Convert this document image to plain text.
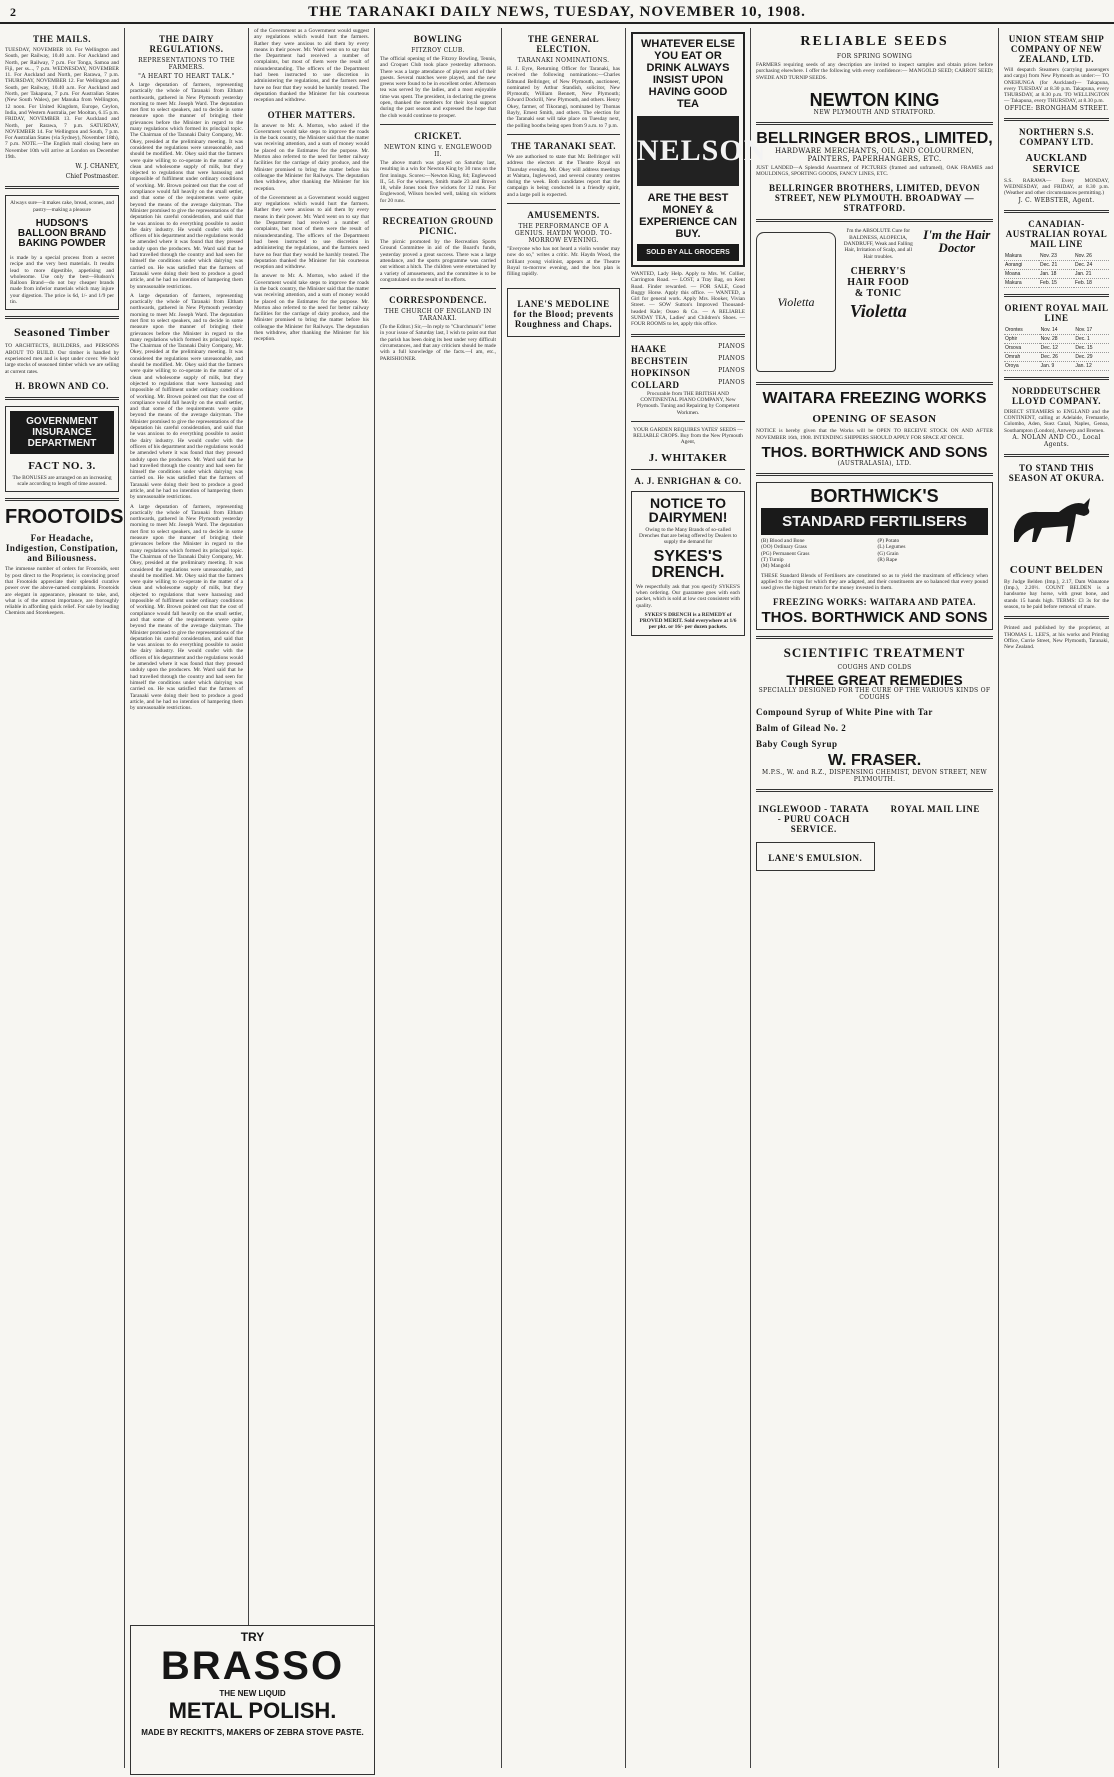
2	THE TARANAKI DAILY NEWS, TUESDAY, NOVEMBER 10, 1908.
THE MAILS.
TUESDAY, NOVEMBER 10. For Wellington and South, per Railway, 10.40 a.m. For Auckland and North, per Railway, 7 p.m. For Tonga, Samoa and Fiji, per ss..., 7 p.m. WEDNESDAY, NOVEMBER 11. For Auckland and North, per Rarawa, 7 p.m. THURSDAY, NOVEMBER 12. For Wellington and South, per Railway, 10.40 a.m. For Auckland and North, per Takapuna, 7 p.m. For Australian States (New South Wales), per Manuka from Wellington, 12 noon. For United Kingdom, Europe, Ceylon, India, and Western Australia, per Mooltan, 6.15 p.m. FRIDAY, NOVEMBER 13. For Auckland and North, per Rarawa, 7 p.m. SATURDAY, NOVEMBER 14. For Wellington and South, 7 p.m. For Australian States (via Sydney), November 18th), 7 p.m. NOTE.—The English mail closing here on November 10th will arrive at London on December 19th.
W. J. CHANEY,
Chief Postmaster.
Always sure—it makes cake, bread, scones, and pastry—making a pleasure
HUDSON'S BALLOON BRAND BAKING POWDER
is made by a special process from a secret recipe and the very best materials. It results lead to more digestible, appetising and wholesome. Use only the best—Hudson's Balloon Brand—do not buy cheaper brands made from inferior materials which may injure your digestion. The price is 6d, 1/- and 1/9 per tin.
Seasoned Timber
TO ARCHITECTS, BUILDERS, and PERSONS ABOUT TO BUILD. Our timber is handled by experienced men and is kept under cover. We hold large stocks of seasoned timber which we are selling at current rates.
H. BROWN AND CO.
GOVERNMENT INSURANCE DEPARTMENT
FACT NO. 3.
The BONUSES are arranged on an increasing scale according to length of time assured.
FROOTOIDS
For Headache, Indigestion, Constipation, and Biliousness.
The immense number of orders for Frootoids, sent by post direct to the Proprietor, is convincing proof that Frootoids appreciate their splendid curative power over the above-named complaints. Frootoids are elegant in appearance, pleasant to take, and, what is of the utmost importance, are thoroughly reliable in affording quick relief. For sale by leading Chemists and Storekeepers.
THE DAIRY REGULATIONS.
REPRESENTATIONS TO THE FARMERS.
"A HEART TO HEART TALK."
A large deputation of farmers, representing practically the whole of Taranaki from Eltham northwards, gathered in New Plymouth yesterday morning to meet Mr. Joseph Ward. The deputation met first to select speakers, and to decide in some measure upon the manner of bringing their grievances before the Minister in regard to the many regulations which formed its principal topic. The Chairman of the Taranaki Dairy Company, Mr. Okey, presided at the preliminary meeting. It was considered the regulations were unreasonable, and should be modified. Mr. Okey said that the farmers were quite willing to co-operate in the matter of a clean and wholesome supply of milk, but they objected to regulations that were harassing and impossible of fulfilment under ordinary conditions of working. Mr. Brown pointed out that the cost of compliance would fall heavily on the small settler, and that some of the requirements were quite beyond the means of the average dairyman. The Minister promised to give the representations of the deputation his careful consideration, and said that he was anxious to do everything possible to assist the dairy industry. He would confer with the officers of his department and the regulations would be amended where it was found that they pressed unduly upon the producers. Mr. Ward said that he had travelled through the country and had seen for himself the conditions under which dairying was carried on. He was satisfied that the farmers of Taranaki were doing their best to produce a good article, and he had no intention of hampering them by unreasonable restrictions.
A large deputation of farmers, representing practically the whole of Taranaki from Eltham northwards, gathered in New Plymouth yesterday morning to meet Mr. Joseph Ward. The deputation met first to select speakers, and to decide in some measure upon the manner of bringing their grievances before the Minister in regard to the many regulations which formed its principal topic. The Chairman of the Taranaki Dairy Company, Mr. Okey, presided at the preliminary meeting. It was considered the regulations were unreasonable, and should be modified. Mr. Okey said that the farmers were quite willing to co-operate in the matter of a clean and wholesome supply of milk, but they objected to regulations that were harassing and impossible of fulfilment under ordinary conditions of working. Mr. Brown pointed out that the cost of compliance would fall heavily on the small settler, and that some of the requirements were quite beyond the means of the average dairyman. The Minister promised to give the representations of the deputation his careful consideration, and said that he was anxious to do everything possible to assist the dairy industry. He would confer with the officers of his department and the regulations would be amended where it was found that they pressed unduly upon the producers. Mr. Ward said that he had travelled through the country and had seen for himself the conditions under which dairying was carried on. He was satisfied that the farmers of Taranaki were doing their best to produce a good article, and he had no intention of hampering them by unreasonable restrictions.
A large deputation of farmers, representing practically the whole of Taranaki from Eltham northwards, gathered in New Plymouth yesterday morning to meet Mr. Joseph Ward. The deputation met first to select speakers, and to decide in some measure upon the manner of bringing their grievances before the Minister in regard to the many regulations which formed its principal topic. The Chairman of the Taranaki Dairy Company, Mr. Okey, presided at the preliminary meeting. It was considered the regulations were unreasonable, and should be modified. Mr. Okey said that the farmers were quite willing to co-operate in the matter of a clean and wholesome supply of milk, but they objected to regulations that were harassing and impossible of fulfilment under ordinary conditions of working. Mr. Brown pointed out that the cost of compliance would fall heavily on the small settler, and that some of the requirements were quite beyond the means of the average dairyman. The Minister promised to give the representations of the deputation his careful consideration, and said that he was anxious to do everything possible to assist the dairy industry. He would confer with the officers of his department and the regulations would be amended where it was found that they pressed unduly upon the producers. Mr. Ward said that he had travelled through the country and had seen for himself the conditions under which dairying was carried on. He was satisfied that the farmers of Taranaki were doing their best to produce a good article, and he had no intention of hampering them by unreasonable restrictions.
of the Government as a Government would suggest any regulations which would hurt the farmers. Rather they were anxious to aid them by every means in their power. Mr. Ward went on to say that the Department had received a number of complaints, but most of them were the result of misunderstanding. The officers of the Department had been instructed to use discretion in administering the regulations, and the farmers need have no fear that they would be harshly treated. The deputation thanked the Minister for his courteous reception and withdrew.
OTHER MATTERS.
In answer to Mr. A. Morton, who asked if the Government would take steps to improve the roads in the back country, the Minister said that the matter was receiving attention, and a sum of money would be placed on the Estimates for the purpose. Mr. Morton also referred to the need for better railway facilities for the carriage of dairy produce, and the Minister promised to bring the matter before his colleague the Minister for Railways. The deputation then withdrew, after thanking the Minister for his reception.
of the Government as a Government would suggest any regulations which would hurt the farmers. Rather they were anxious to aid them by every means in their power. Mr. Ward went on to say that the Department had received a number of complaints, but most of them were the result of misunderstanding. The officers of the Department had been instructed to use discretion in administering the regulations, and the farmers need have no fear that they would be harshly treated. The deputation thanked the Minister for his courteous reception and withdrew.
In answer to Mr. A. Morton, who asked if the Government would take steps to improve the roads in the back country, the Minister said that the matter was receiving attention, and a sum of money would be placed on the Estimates for the purpose. Mr. Morton also referred to the need for better railway facilities for the carriage of dairy produce, and the Minister promised to bring the matter before his colleague the Minister for Railways. The deputation then withdrew, after thanking the Minister for his reception.
BOWLING
FITZROY CLUB.
The official opening of the Fitzroy Bowling, Tennis, and Croquet Club took place yesterday afternoon. There was a large attendance of players and of their guests. Several matches were played, and the new greens were found to be in excellent order. Afternoon tea was served by the ladies, and a most enjoyable time was spent. The president, in declaring the greens open, thanked the members for their loyal support during the past season and expressed the hope that the club would continue to prosper.
CRICKET.
NEWTON KING v. ENGLEWOOD II.
The above match was played on Saturday last, resulting in a win for Newton King by 30 runs on the first innings. Scores:—Newton King, 84; Englewood II., 54. For the winners, Smith made 23 and Brown 18, while Jones took five wickets for 12 runs. For Englewood, Wilson bowled well, taking six wickets for 20 runs.
RECREATION GROUND PICNIC.
The picnic promoted by the Recreation Sports Ground Committee in aid of the Board's funds, yesterday proved a great success. There was a large attendance, and the sports programme was carried out without a hitch. The children were entertained by a variety of amusements, and the committee is to be congratulated on the result of its efforts.
CORRESPONDENCE.
THE CHURCH OF ENGLAND IN TARANAKI.
(To the Editor.) Sir,—In reply to "Churchman's" letter in your issue of Saturday last, I wish to point out that the parish has been doing its best under very difficult circumstances, and that any criticism should be made with a full knowledge of the facts.—I am, etc., PARISHIONER.
THE GENERAL ELECTION.
TARANAKI NOMINATIONS.
H. J. Eyre, Returning Officer for Taranaki, has received the following nominations:—Charles Edmund Bellringer, of New Plymouth, auctioneer, nominated by Arthur Standish, solicitor, New Plymouth; William Bennett, New Plymouth; Edward Dockrill, New Plymouth, and others. Henry Okey, farmer, of Tikorangi, nominated by Thomas Bayly, Ernest Smith, and others. The election for the Taranaki seat will take place on Tuesday next, the polling booths being open from 9 a.m. to 7 p.m.
THE TARANAKI SEAT.
We are authorised to state that Mr. Bellringer will address the electors at the Theatre Royal on Thursday evening. Mr. Okey will address meetings at Waitara, Inglewood, and several country centres during the week. Both candidates report that the campaign is being conducted in a friendly spirit, and a large poll is expected.
AMUSEMENTS.
THE PERFORMANCE OF A GENIUS. HAYDN WOOD. TO-MORROW EVENING.
"Everyone who has not heard a violin wonder may now do so," writes a critic. Mr. Haydn Wood, the brilliant young violinist, appears at the Theatre Royal to-morrow evening, and the box plan is filling rapidly.
LANE'S MEDOLINE for the Blood; prevents Roughness and Chaps.
WHATEVER ELSE YOU EAT OR DRINK ALWAYS INSIST UPON HAVING GOOD TEA
NELSON'S
ARE THE BEST MONEY & EXPERIENCE CAN BUY.
SOLD BY ALL GROCERS
WANTED, Lady Help. Apply to Mrs. W. Collier, Carrington Road. — LOST, a Tray Bag, on Kent Road. Finder rewarded. — FOR SALE, Good Buggy Horse. Apply this office. — WANTED, a Girl for general work. Apply Mrs. Hooker, Vivian Street. — SOW Sutton's Improved Thousand-headed Kale; Osseo & Co. — A RELIABLE SUNDAY TEA, Ladies' and Children's Shoes. — FOUR ROOMS to let, apply this office.
HAAKE	PIANOS
BECHSTEIN	PIANOS
HOPKINSON	PIANOS
COLLARD	PIANOS
Procurable from THE BRITISH AND CONTINENTAL PIANO COMPANY, New Plymouth. Tuning and Repairing by Competent Workmen.
YOUR GARDEN REQUIRES YATES' SEEDS — RELIABLE CROPS. Buy from the New Plymouth Agent,
J. WHITAKER
A. J. ENRIGHAN & CO.
NOTICE TO DAIRYMEN!
Owing to the Many Brands of so-called Drenches that are being offered by Dealers to supply the demand for
SYKES'S DRENCH.
We respectfully ask that you specify SYKES'S when ordering. Our guarantee goes with each packet, which is sold at low cost consistent with quality.
SYKES'S DRENCH is a REMEDY of PROVED MERIT. Sold everywhere at 1/6 per pkt. or 16/- per dozen packets.
RELIABLE SEEDS
FOR SPRING SOWING
FARMERS requiring seeds of any description are invited to inspect samples and obtain prices before purchasing elsewhere. I offer the following with every confidence:— MANGOLD SEED; CARROT SEED; SWEDE AND TURNIP SEEDS.
NEWTON KING
NEW PLYMOUTH AND STRATFORD.
BELLRINGER BROS., LIMITED,
HARDWARE MERCHANTS, OIL AND COLOURMEN, PAINTERS, PAPERHANGERS, ETC.
JUST LANDED—A Splendid Assortment of PICTURES (framed and unframed), OAK FRAMES and MOULDINGS, SPORTING GOODS, FANCY LINES, ETC.
BELLRINGER BROTHERS, LIMITED, DEVON STREET, NEW PLYMOUTH. BROADWAY — STRATFORD.
Violetta
I'm the ABSOLUTE Cure for BALDNESS, ALOPECIA, DANDRUFF, Weak and Falling Hair, Irritation of Scalp, and all Hair troubles.
CHERRY'S HAIR FOOD & TONIC
Violetta
I'm the Hair Doctor
WAITARA FREEZING WORKS
OPENING OF SEASON
NOTICE is hereby given that the Works will be OPEN TO RECEIVE STOCK ON AND AFTER NOVEMBER 16th, 1908. INTENDING SHIPPERS SHOULD APPLY FOR SPACE AT ONCE.
THOS. BORTHWICK AND SONS
(AUSTRALASIA), LTD.
BORTHWICK'S
STANDARD FERTILISERS
(B) Blood and Bone
(OO) Ordinary Grass
(PG) Permanent Grass
(T) Turnip
(M) Mangold
(P) Potato
(L) Legumes
(G) Grain
(R) Rape
THESE Standard Blends of Fertilisers are constituted so as to yield the maximum of efficiency when applied to the crops for which they are adapted, and their constituents are so balanced that every pound used gives the highest return for the money invested in them.
FREEZING WORKS: WAITARA AND PATEA.
THOS. BORTHWICK AND SONS
SCIENTIFIC TREATMENT
COUGHS AND COLDS
THREE GREAT REMEDIES
SPECIALLY DESIGNED FOR THE CURE OF THE VARIOUS KINDS OF COUGHS
Compound Syrup of White Pine with Tar
Balm of Gilead No. 2
Baby Cough Syrup
W. FRASER.
M.P.S., W. and R.Z., DISPENSING CHEMIST, DEVON STREET, NEW PLYMOUTH.
INGLEWOOD - TARATA - PURU COACH SERVICE.
ROYAL MAIL LINE
LANE'S EMULSION.
UNION STEAM SHIP COMPANY OF NEW ZEALAND, LTD.
Will despatch Steamers (carrying passengers and cargo) from New Plymouth as under:— TO ONEHUNGA (for Auckland)— Takapuna, every TUESDAY at 8.30 p.m. Takapuna, every THURSDAY, at 8.30 p.m. TO WELLINGTON— Takapuna, every THURSDAY, at 8.30 p.m.
OFFICE: BRONGHAM STREET.
NORTHERN S.S. COMPANY LTD.
AUCKLAND SERVICE
S.S. RARAWA— Every MONDAY, WEDNESDAY, and FRIDAY, at 8.30 p.m. (Weather and other circumstances permitting.)
J. C. WEBSTER, Agent.
CANADIAN-AUSTRALIAN ROYAL MAIL LINE
Makura	Nov. 23	Nov. 26
Aorangi	Dec. 21	Dec. 24
Moana	Jan. 18	Jan. 21
Makura	Feb. 15	Feb. 18
ORIENT ROYAL MAIL LINE
Orontes	Nov. 14	Nov. 17
Ophir	Nov. 28	Dec. 1
Orsova	Dec. 12	Dec. 15
Omrah	Dec. 26	Dec. 29
Oroya	Jan. 9	Jan. 12
NORDDEUTSCHER LLOYD COMPANY.
DIRECT STEAMERS to ENGLAND and the CONTINENT, calling at Adelaide, Fremantle, Colombo, Aden, Suez Canal, Naples, Genoa, Southampton (London), Antwerp and Bremen.
A. NOLAN AND CO., Local Agents.
TO STAND THIS SEASON AT OKURA.
COUNT BELDEN
By Judge Belden (Imp.), 2.17, Dam Wanatone (Imp.), 2.20½. COUNT BELDEN is a handsome bay horse, with great bone, and stands 15 hands high. TERMS: £3 3s for the season, to be paid before removal of mare.
Printed and published by the proprietor, at THOMAS L. LEE'S, at his works and Printing Office, Currie Street, New Plymouth, Taranaki, New Zealand.
TRY
BRASSO
THE NEW LIQUID
METAL POLISH.
MADE BY RECKITT'S, MAKERS OF ZEBRA STOVE PASTE.
